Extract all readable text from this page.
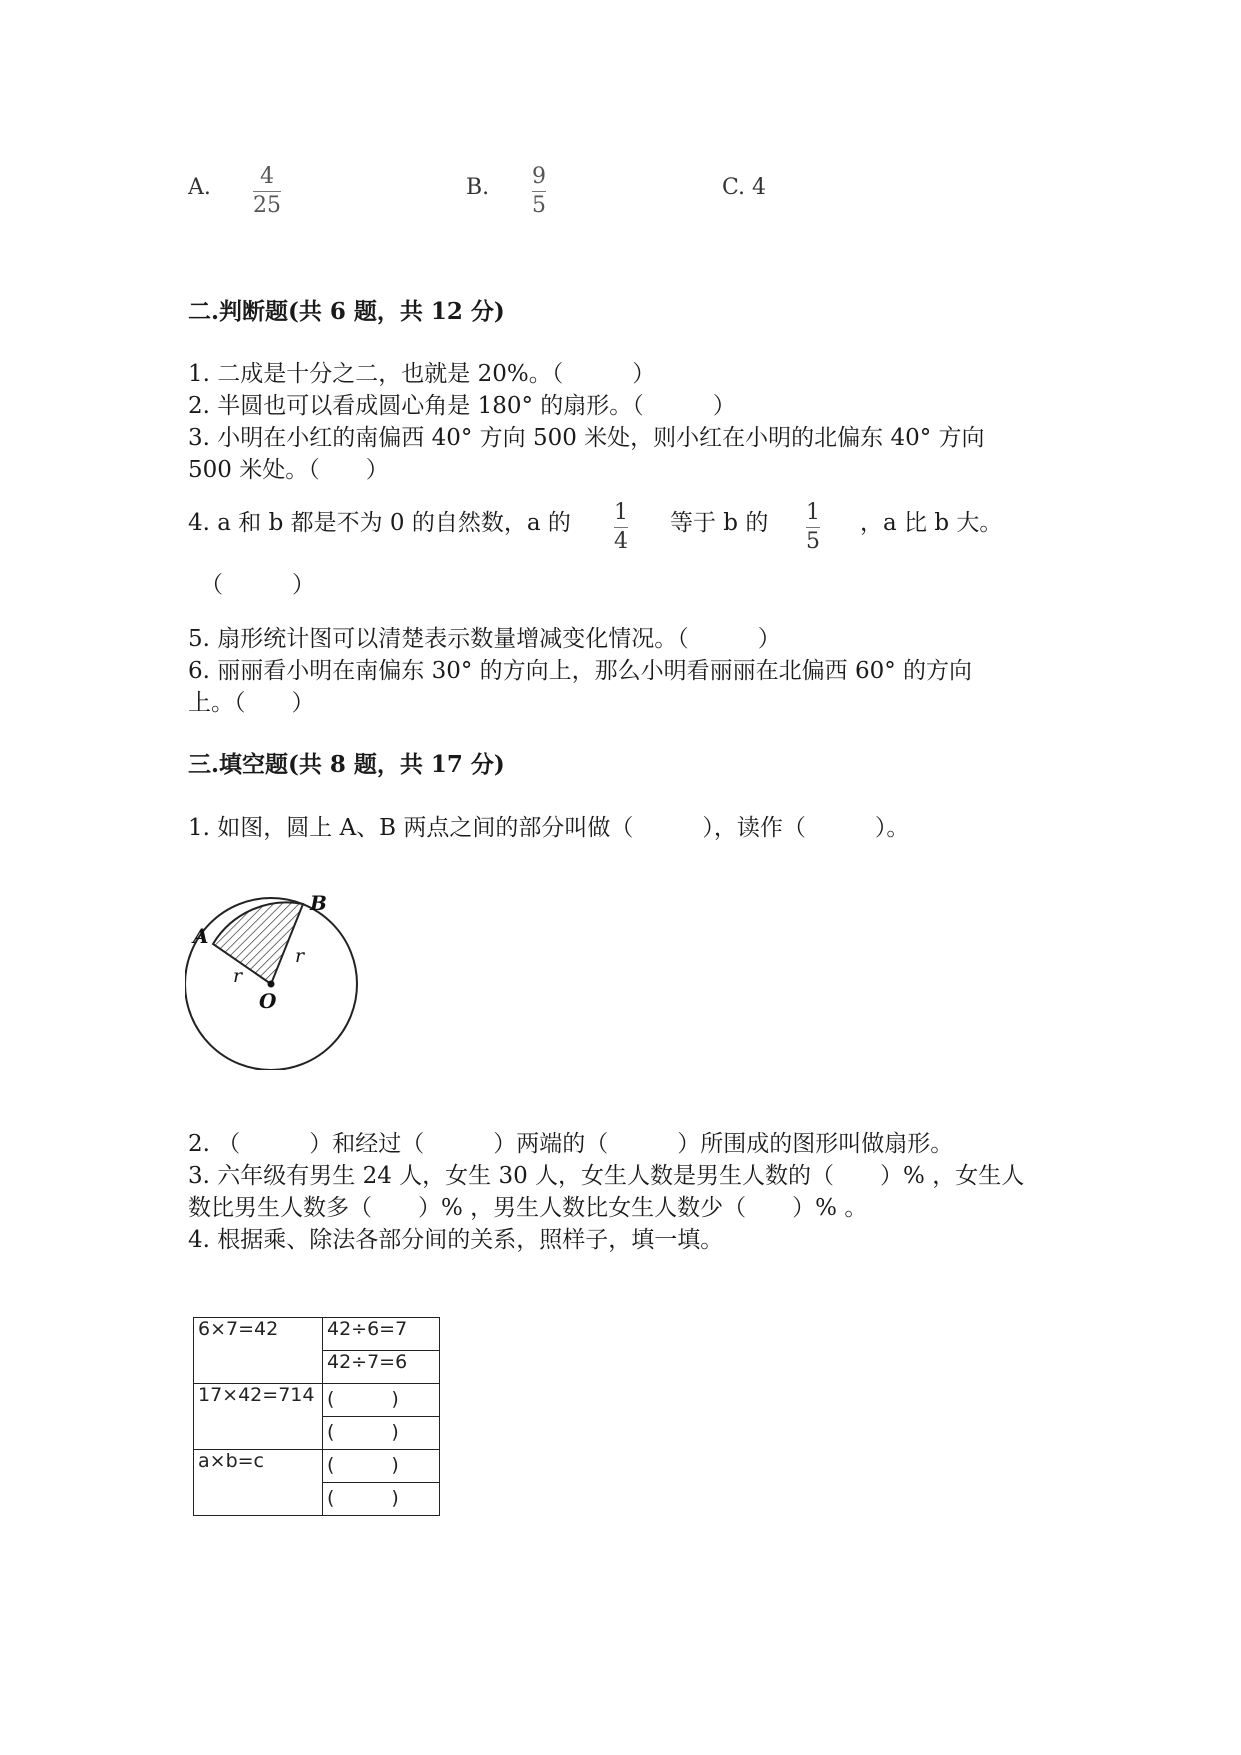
A. 4
25
B. 9
5
C. 4
二.判断题(共 6 题，共 12 分)
1. 二成是十分之二，也就是 20%。（　　　）
2. 半圆也可以看成圆心角是 180° 的扇形。（　　　）
3. 小明在小红的南偏西 40° 方向 500 米处，则小红在小明的北偏东 40° 方向
500 米处。（　　）
4. a 和 b 都是不为 0 的自然数，a 的 1
4
等于 b 的 1
5
，a 比 b 大。
（　　　）
5. 扇形统计图可以清楚表示数量增减变化情况。（　　　）
6. 丽丽看小明在南偏东 30° 的方向上，那么小明看丽丽在北偏西 60° 的方向
上。（　　）
三.填空题(共 8 题，共 17 分)
1. 如图，圆上 A、B 两点之间的部分叫做（　　　），读作（　　　）。
A
B
O
r
r
2. （　　　）和经过（　　　）两端的（　　　）所围成的图形叫做扇形。
3. 六年级有男生 24 人，女生 30 人，女生人数是男生人数的（　　）% ，女生人
数比男生人数多（　　）% ，男生人数比女生人数少（　　）% 。
4. 根据乘、除法各部分间的关系，照样子，填一填。
6×7=42	42÷6=7
	42÷7=6
17×42=714	(　　　)
	(　　　)
a×b=c	(　　　)
	(　　　)
